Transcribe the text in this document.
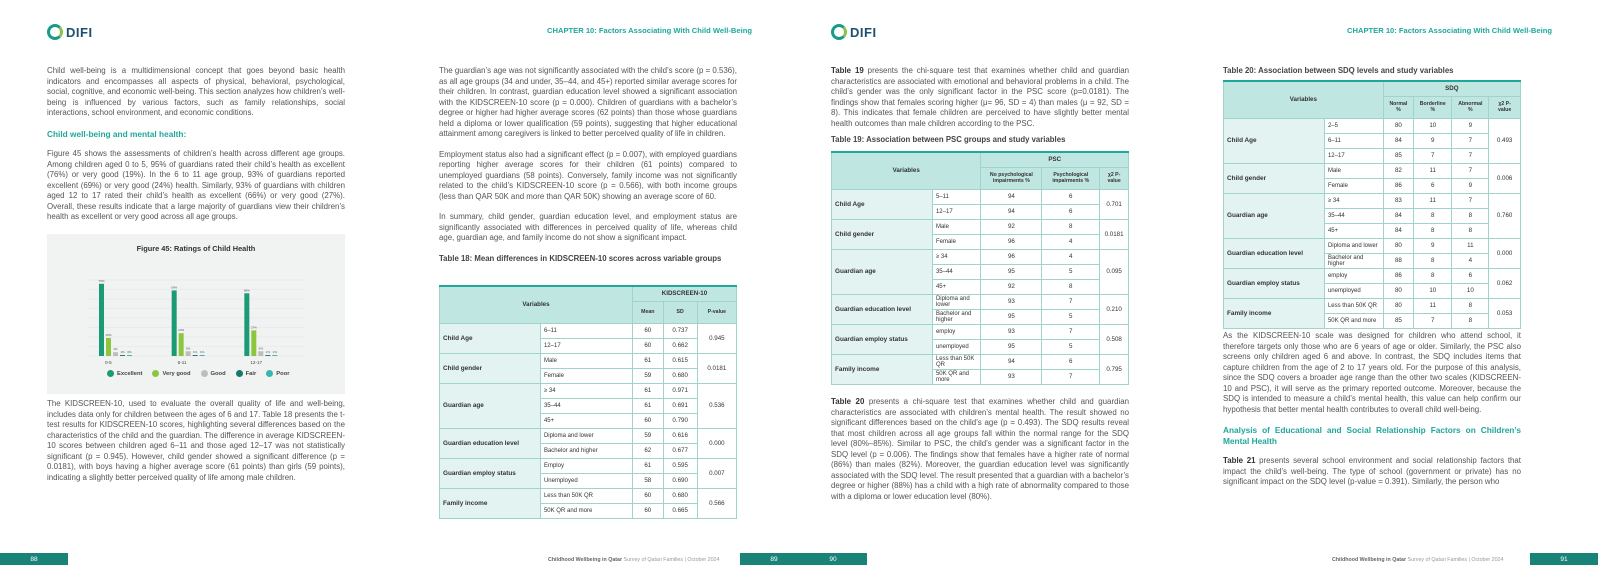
DIFI	CHAPTER 10: Factors Associating With Child Well-Being

Child well-being is a multidimensional concept that goes beyond basic health indicators and encompasses all aspects of physical, behavioral, psychological, social, cognitive, and economic well-being. This section analyzes how children’s well-being is influenced by various factors, such as family relationships, social interactions, school environment, and economic conditions.

Child well-being and mental health:

Figure 45 shows the assessments of children’s health across different age groups. Among children aged 0 to 5, 95% of guardians rated their child’s health as excellent (76%) or very good (19%). In the 6 to 11 age group, 93% of guardians reported excellent (69%) or very good (24%) health. Similarly, 93% of guardians with children aged 12 to 17 rated their child’s health as excellent (66%) or very good (27%). Overall, these results indicate that a large majority of guardians view their children’s health as excellent or very good across all age groups.

Figure 45: Ratings of Child Health
76%
19%
4%
1% 0%
0-5
69%
24%
5%
1% 1%
6-11
66%
27%
5%
1% 1%
12-17
Excellent	Very good	Good	Fair	Poor

The KIDSCREEN-10, used to evaluate the overall quality of life and well-being, includes data only for children between the ages of 6 and 17. Table 18 presents the t-test results for KIDSCREEN-10 scores, highlighting several differences based on the characteristics of the child and the guardian. The difference in average KIDSCREEN-10 scores between children aged 6–11 and those aged 12–17 was not statistically significant (p = 0.945). However, child gender showed a significant difference (p = 0.0181), with boys having a higher average score (61 points) than girls (59 points), indicating a slightly better perceived quality of life among male children.

The guardian’s age was not significantly associated with the child’s score (p = 0.536), as all age groups (34 and under, 35–44, and 45+) reported similar average scores for their children. In contrast, guardian education level showed a significant association with the KIDSCREEN-10 score (p = 0.000). Children of guardians with a bachelor’s degree or higher had higher average scores (62 points) than those whose guardians held a diploma or lower qualification (59 points), suggesting that higher educational attainment among caregivers is linked to better perceived quality of life in children.

Employment status also had a significant effect (p = 0.007), with employed guardians reporting higher average scores for their children (61 points) compared to unemployed guardians (58 points). Conversely, family income was not significantly related to the child’s KIDSCREEN-10 score (p = 0.566), with both income groups (less than QAR 50K and more than QAR 50K) showing an average score of 60.

In summary, child gender, guardian education level, and employment status are significantly associated with differences in perceived quality of life, whereas child age, guardian age, and family income do not show a significant impact.

Table 18: Mean differences in KIDSCREEN-10 scores across variable groups
Variables		KIDSCREEN-10		
		Mean	SD	P-value
Child Age	6–11	60	0.737	0.945
	12–17	60	0.662	
Child gender	Male	61	0.615	0.0181
	Female	59	0.680	
Guardian age	≥ 34	61	0.971	0.536
	35–44	61	0.691	
	45+	60	0.790	
Guardian education level	Diploma and lower	59	0.616	0.000
	Bachelor and higher	62	0.677	
Guardian employ status	Employ	61	0.595	0.007
	Unemployed	58	0.690	
Family income	Less than 50K QR	60	0.680	0.566
	50K QR and more	60	0.665	
88	Childhood Wellbeing in Qatar Survey of Qatari Families | October 2024	89	90
DIFI	CHAPTER 10: Factors Associating With Child Well-Being

Table 19 presents the chi-square test that examines whether child and guardian characteristics are associated with emotional and behavioral problems in a child. The child’s gender was the only significant factor in the PSC score (p=0.0181). The findings show that females scoring higher (μ= 96, SD = 4) than males (μ = 92, SD = 8). This indicates that female children are perceived to have slightly better mental health outcomes than male children according to the PSC.

Table 19: Association between PSC groups and study variables
Variables		PSC		
		No psychological impairments %	Psychological impairments %	χ2 P-value
Child Age	5–11	94	6	0.701
	12–17	94	6	
Child gender	Male	92	8	0.0181
	Female	96	4	
Guardian age	≥ 34	96	4	0.095
	35–44	95	5	
	45+	92	8	
Guardian education level	Diploma and lower	93	7	0.210
	Bachelor and higher	95	5	
Guardian employ status	employ	93	7	0.508
	unemployed	95	5	
Family income	Less than 50K QR	94	6	0.795
	50K QR and more	93	7	

Table 20 presents a chi-square test that examines whether child and guardian characteristics are associated with children’s mental health. The result showed no significant differences based on the child’s age (p = 0.493). The SDQ results reveal that most children across all age groups fall within the normal range for the SDQ level (80%–85%). Similar to PSC, the child’s gender was a significant factor in the SDQ level (p = 0.006). The findings show that females have a higher rate of normal (86%) than males (82%). Moreover, the guardian education level was significantly associated with the SDQ level. The result presented that a guardian with a bachelor’s degree or higher (88%) has a child with a high rate of abnormality compared to those with a diploma or lower education level (80%).

Table 20: Association between SDQ levels and study variables
Variables		SDQ			
		Normal %	Borderline %	Abnormal %	χ2 P-value
Child Age	2–5	80	10	9	0.493
	6–11	84	9	7	
	12–17	85	7	7	
Child gender	Male	82	11	7	0.006
	Female	86	6	9	
Guardian age	≥ 34	83	11	7	0.760
	35–44	84	8	8	
	45+	84	8	8	
Guardian education level	Diploma and lower	80	9	11	0.000
	Bachelor and higher	88	8	4	
Guardian employ status	employ	86	8	6	0.062
	unemployed	80	10	10	
Family income	Less than 50K QR	80	11	8	0.053
	50K QR and more	85	7	8	

As the KIDSCREEN-10 scale was designed for children who attend school, it therefore targets only those who are 6 years of age or older. Similarly, the PSC also screens only children aged 6 and above. In contrast, the SDQ includes items that capture children from the age of 2 to 17 years old. For the purpose of this analysis, since the SDQ covers a broader age range than the other two scales (KIDSCREEN-10 and PSC), it will serve as the primary reported outcome. Moreover, because the SDQ is intended to measure a child’s mental health, this value can help confirm our hypothesis that better mental health contributes to overall child well-being.

Analysis of Educational and Social Relationship Factors on Children’s Mental Health

Table 21 presents several school environment and social relationship factors that impact the child’s well-being. The type of school (government or private) has no significant impact on the SDQ level (p-value = 0.391). Similarly, the person who

Childhood Wellbeing in Qatar Survey of Qatari Families | October 2024	91
